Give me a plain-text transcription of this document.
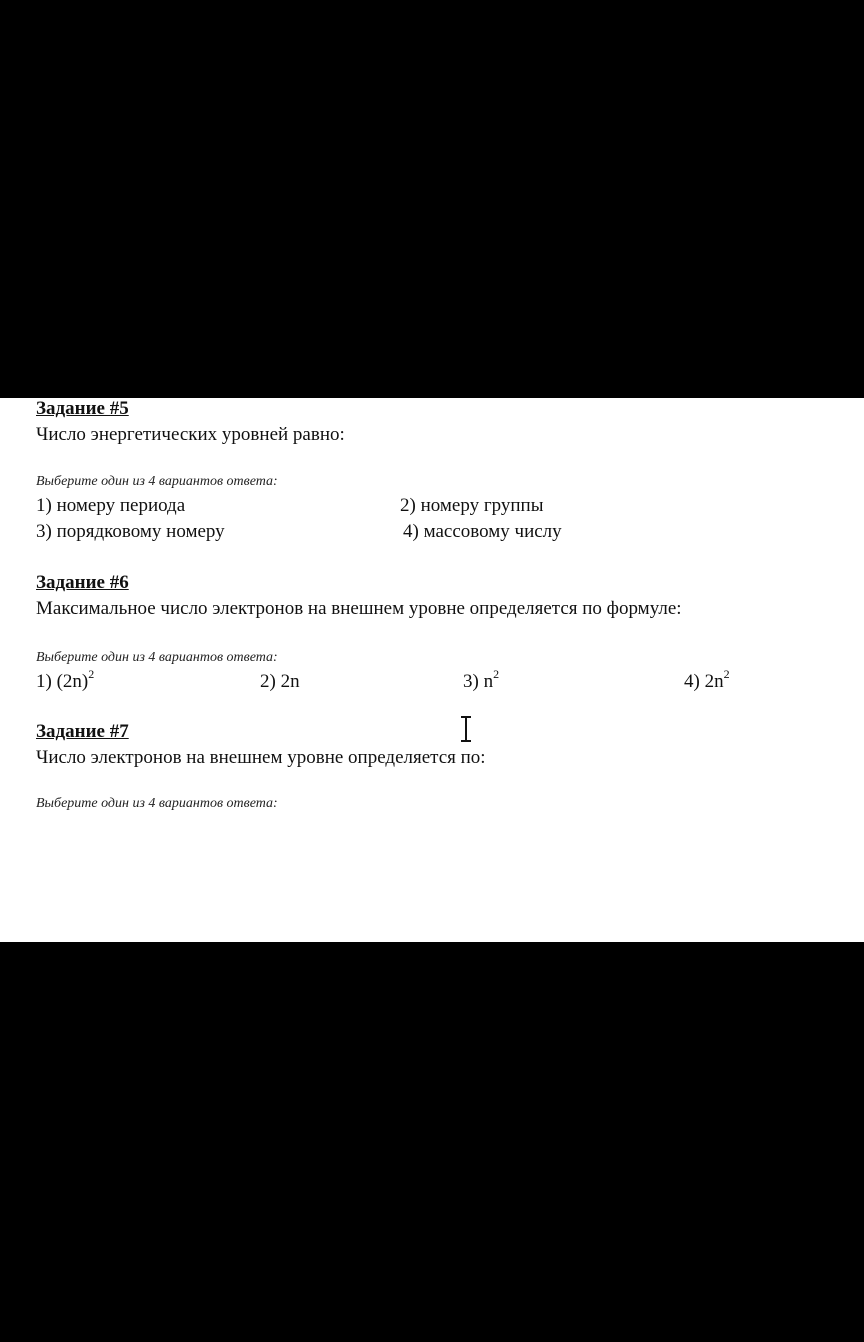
Задание #5
Число энергетических уровней равно:
Выберите один из 4 вариантов ответа:
1) номеру периода	2) номеру группы
3) порядковому номеру	4) массовому числу
Задание #6
Максимальное число электронов на внешнем уровне определяется по формуле:
Выберите один из 4 вариантов ответа:
1) $(2n)^2$	2) 2n	3) $n^2$	4) $2n^2$
Задание #7
Число электронов на внешнем уровне определяется по:
Выберите один из 4 вариантов ответа:
